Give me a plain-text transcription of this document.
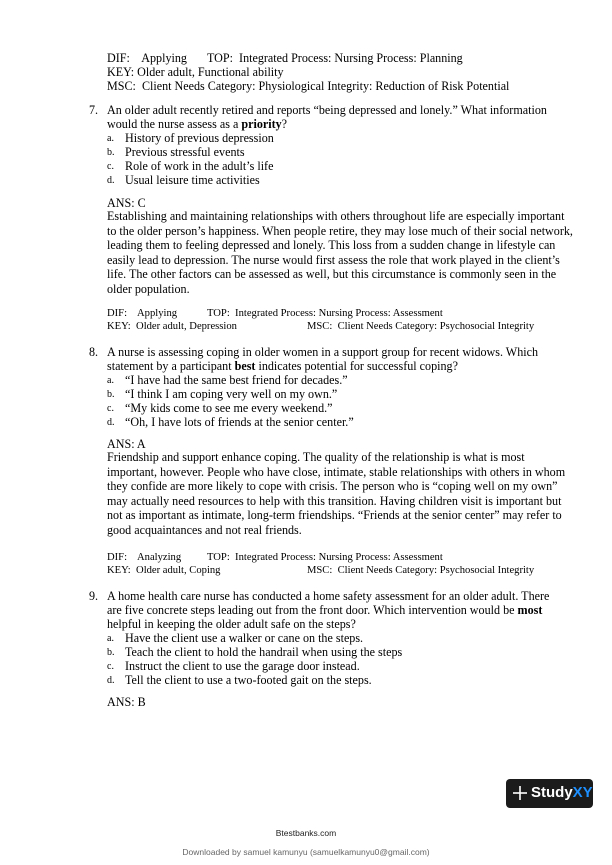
DIF:    Applying TOP:  Integrated Process: Nursing Process: Planning
KEY: Older adult, Functional ability
MSC:  Client Needs Category: Physiological Integrity: Reduction of Risk Potential
7. An older adult recently retired and reports “being depressed and lonely.” What information
would the nurse assess as a priority?
a. History of previous depression
b. Previous stressful events
c. Role of work in the adult’s life
d. Usual leisure time activities
ANS: C
Establishing and maintaining relationships with others throughout life are especially important to the older person’s happiness. When people retire, they may lose much of their social network, leading them to feeling depressed and lonely. This loss from a sudden change in lifestyle can easily lead to depression. The nurse would first assess the role that work played in the client’s life. The other factors can be assessed as well, but this circumstance is commonly seen in the older population.
DIF:    Applying	TOP:  Integrated Process: Nursing Process: Assessment
KEY:  Older adult, Depression	MSC:  Client Needs Category: Psychosocial Integrity
8. A nurse is assessing coping in older women in a support group for recent widows. Which
statement by a participant best indicates potential for successful coping?
a. “I have had the same best friend for decades.”
b. “I think I am coping very well on my own.”
c. “My kids come to see me every weekend.”
d. “Oh, I have lots of friends at the senior center.”
ANS: A
Friendship and support enhance coping. The quality of the relationship is what is most important, however. People who have close, intimate, stable relationships with others in whom they confide are more likely to cope with crisis. The person who is “coping well on my own” may actually need resources to help with this transition. Having children visit is important but not as important as intimate, long-term friendships. “Friends at the senior center” may refer to good acquaintances and not real friends.
DIF:    Analyzing TOP:  Integrated Process: Nursing Process: Assessment
KEY:  Older adult, Coping	MSC:  Client Needs Category: Psychosocial Integrity
9. A home health care nurse has conducted a home safety assessment for an older adult. There
are five concrete steps leading out from the front door. Which intervention would be most
helpful in keeping the older adult safe on the steps?
a. Have the client use a walker or cane on the steps.
b. Teach the client to hold the handrail when using the steps
c. Instruct the client to use the garage door instead.
d. Tell the client to use a two-footed gait on the steps.
ANS: B
StudyXY
Btestbanks.com
Downloaded by samuel kamunyu (samuelkamunyu0@gmail.com)
